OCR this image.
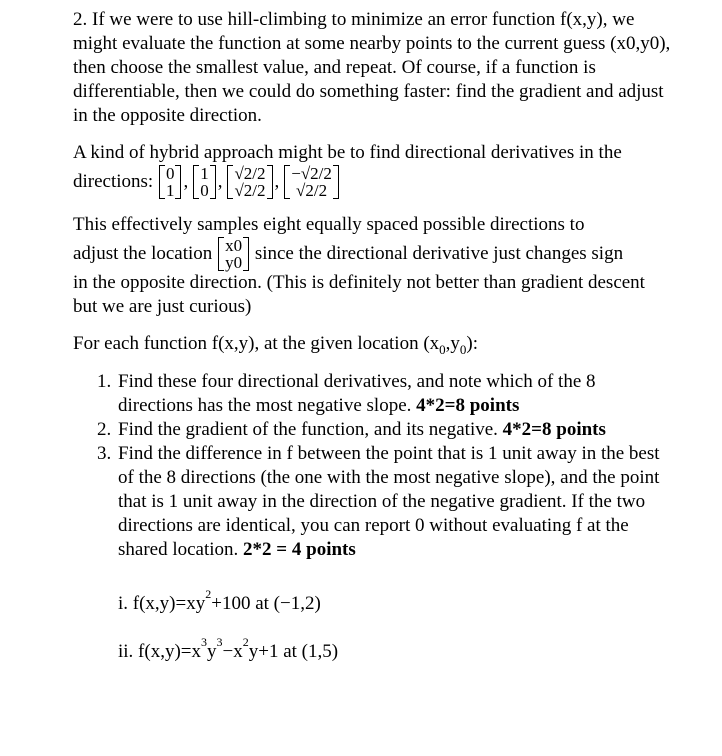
2. If we were to use hill-climbing to minimize an error function f(x,y), we might evaluate the function at some nearby points to the current guess (x0,y0), then choose the smallest value, and repeat. Of course, if a function is differentiable, then we could do something faster: find the gradient and adjust in the opposite direction.

A kind of hybrid approach might be to find directional derivatives in the

directions:
0
1 , 1
0 , √2/2
√2/2 , −√2/2
√2/2

This effectively samples eight equally spaced possible directions to

adjust the location
x0
y0
since the directional derivative just changes sign

in the opposite direction. (This is definitely not better than gradient descent but we are just curious)

For each function f(x,y), at the given location $(x_0,y_0)$:

1. Find these four directional derivatives, and note which of the 8 directions has the most negative slope. 4*2=8 points
2. Find the gradient of the function, and its negative. 4*2=8 points
3. Find the difference in f between the point that is 1 unit away in the best of the 8 directions (the one with the most negative slope), and the point that is 1 unit away in the direction of the negative gradient. If the two directions are identical, you can report 0 without evaluating f at the shared location. 2*2 = 4 points

i. $f(x,y)=xy^2+100$ at (−1,2)

ii. $f(x,y)=x^3y^3-x^2y+1$ at (1,5)
